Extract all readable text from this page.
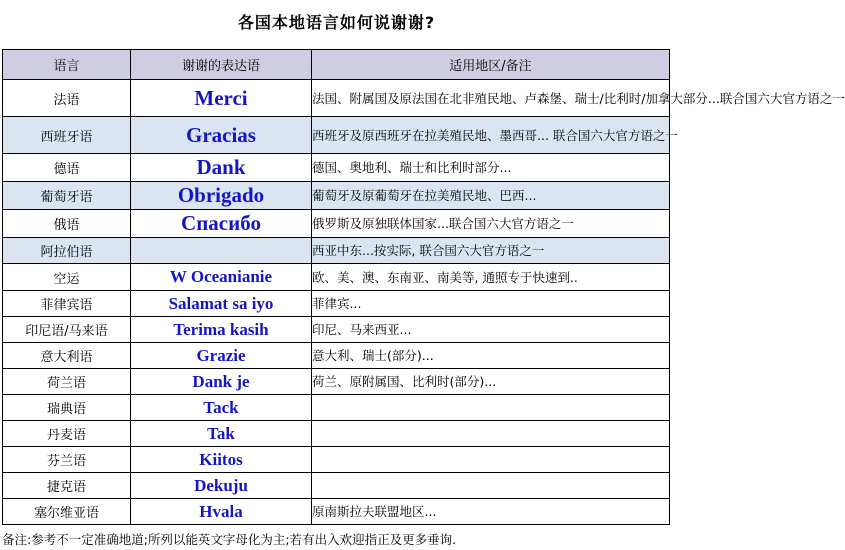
各国本地语言如何说谢谢?
语言	谢谢的表达语	适用地区/备注
法语	Merci	法国、附属国及原法国在北非殖民地、卢森堡、瑞士/比利时/加拿大部分...联合国六大官方语之一
西班牙语	Gracias	西班牙及原西班牙在拉美殖民地、墨西哥... 联合国六大官方语之一
德语	Dank	德国、奥地利、瑞士和比利时部分...
葡萄牙语	Obrigado	葡萄牙及原葡萄牙在拉美殖民地、巴西...
俄语	Спасибо	俄罗斯及原独联体国家...联合国六大官方语之一
阿拉伯语		西亚中东...按实际, 联合国六大官方语之一
空运	W Oceanianie	欧、美、澳、东南亚、南美等, 通照专于快速到..
菲律宾语	Salamat sa iyo	菲律宾...
印尼语/马来语	Terima kasih	印尼、马来西亚...
意大利语	Grazie	意大利、瑞士(部分)...
荷兰语	Dank je	荷兰、原附属国、比利时(部分)...
瑞典语	Tack	
丹麦语	Tak	
芬兰语	Kiitos	
捷克语	Dekuju	
塞尔维亚语	Hvala	原南斯拉夫联盟地区...
备注:参考不一定准确地道;所列以能英文字母化为主;若有出入欢迎指正及更多垂询.
